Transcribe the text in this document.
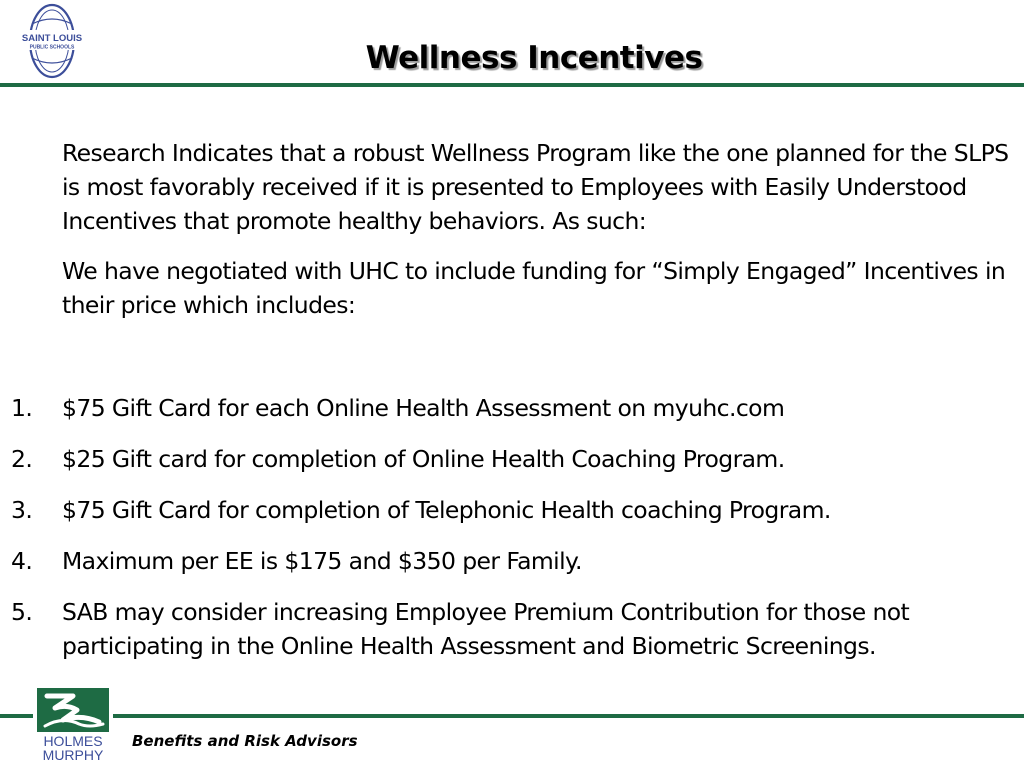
SAINT LOUIS
PUBLIC SCHOOLS	Wellness Incentives

Research Indicates that a robust Wellness Program like the one planned for the SLPS is most favorably received if it is presented to Employees with Easily Understood Incentives that promote healthy behaviors. As such:

We have negotiated with UHC to include funding for “Simply Engaged” Incentives in their price which includes:

1. $75 Gift Card for each Online Health Assessment on myuhc.com
2. $25 Gift card for completion of Online Health Coaching Program.
3. $75 Gift Card for completion of Telephonic Health coaching Program.
4. Maximum per EE is $175 and $350 per Family.
5. SAB may consider increasing Employee Premium Contribution for those not participating in the Online Health Assessment and Biometric Screenings.
HOLMES
MURPHY
Benefits and Risk Advisors
